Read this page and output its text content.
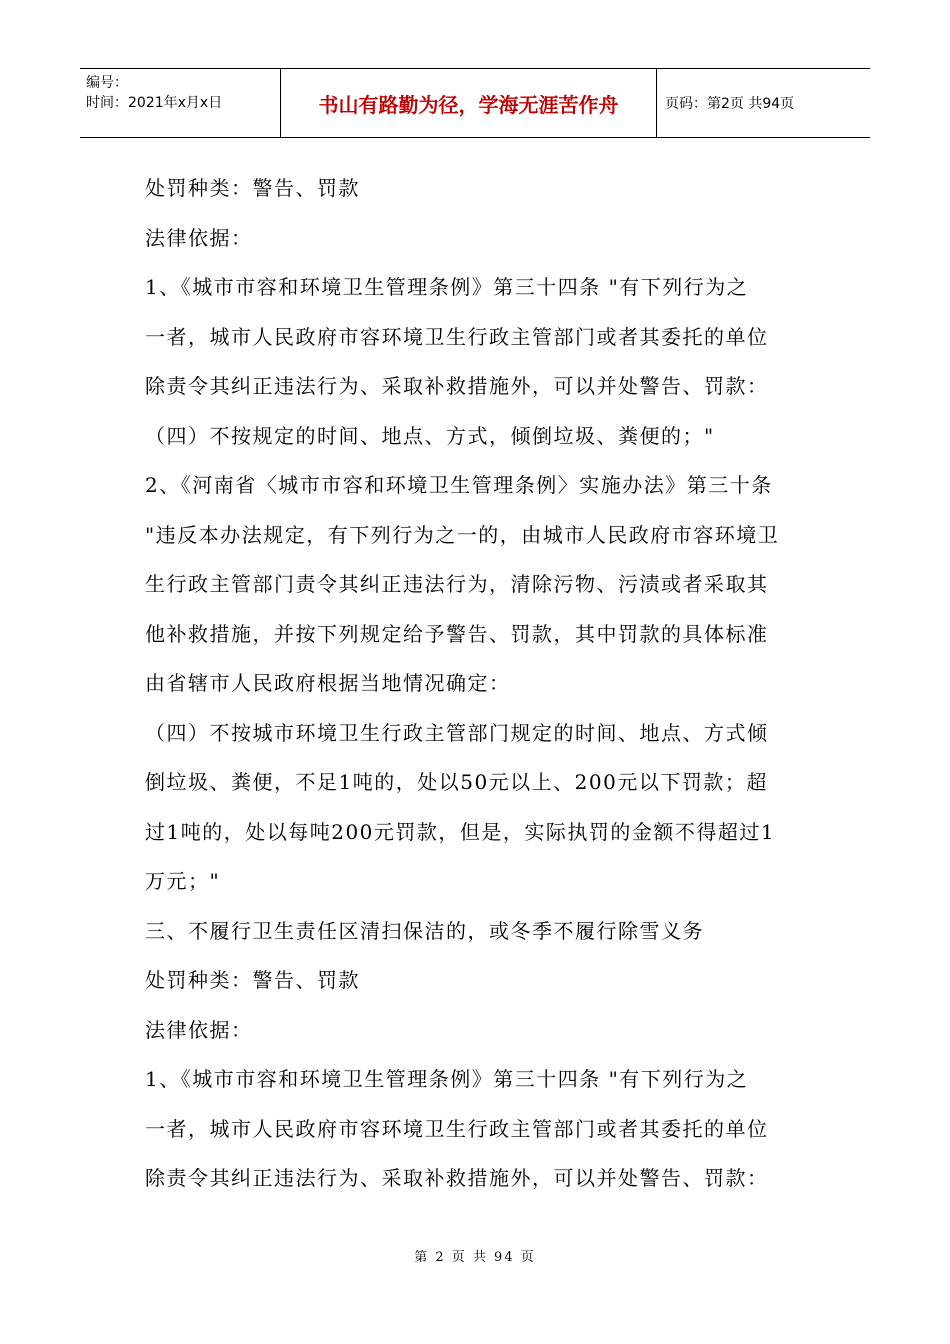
编号：
时间：2021年x月x日	书山有路勤为径，学海无涯苦作舟	页码：第2页 共94页
处罚种类：警告、罚款
法律依据：
1、《城市市容和环境卫生管理条例》第三十四条 "有下列行为之
一者，城市人民政府市容环境卫生行政主管部门或者其委托的单位
除责令其纠正违法行为、采取补救措施外，可以并处警告、罚款：
（四）不按规定的时间、地点、方式，倾倒垃圾、粪便的；"
2、《河南省〈城市市容和环境卫生管理条例〉实施办法》第三十条
"违反本办法规定，有下列行为之一的，由城市人民政府市容环境卫
生行政主管部门责令其纠正违法行为，清除污物、污渍或者采取其
他补救措施，并按下列规定给予警告、罚款，其中罚款的具体标准
由省辖市人民政府根据当地情况确定：
（四）不按城市环境卫生行政主管部门规定的时间、地点、方式倾
倒垃圾、粪便，不足1吨的，处以50元以上、200元以下罚款；超
过1吨的，处以每吨200元罚款，但是，实际执罚的金额不得超过1
万元；"
三、不履行卫生责任区清扫保洁的，或冬季不履行除雪义务
处罚种类：警告、罚款
法律依据：
1、《城市市容和环境卫生管理条例》第三十四条 "有下列行为之
一者，城市人民政府市容环境卫生行政主管部门或者其委托的单位
除责令其纠正违法行为、采取补救措施外，可以并处警告、罚款：
第 2 页 共 94 页
